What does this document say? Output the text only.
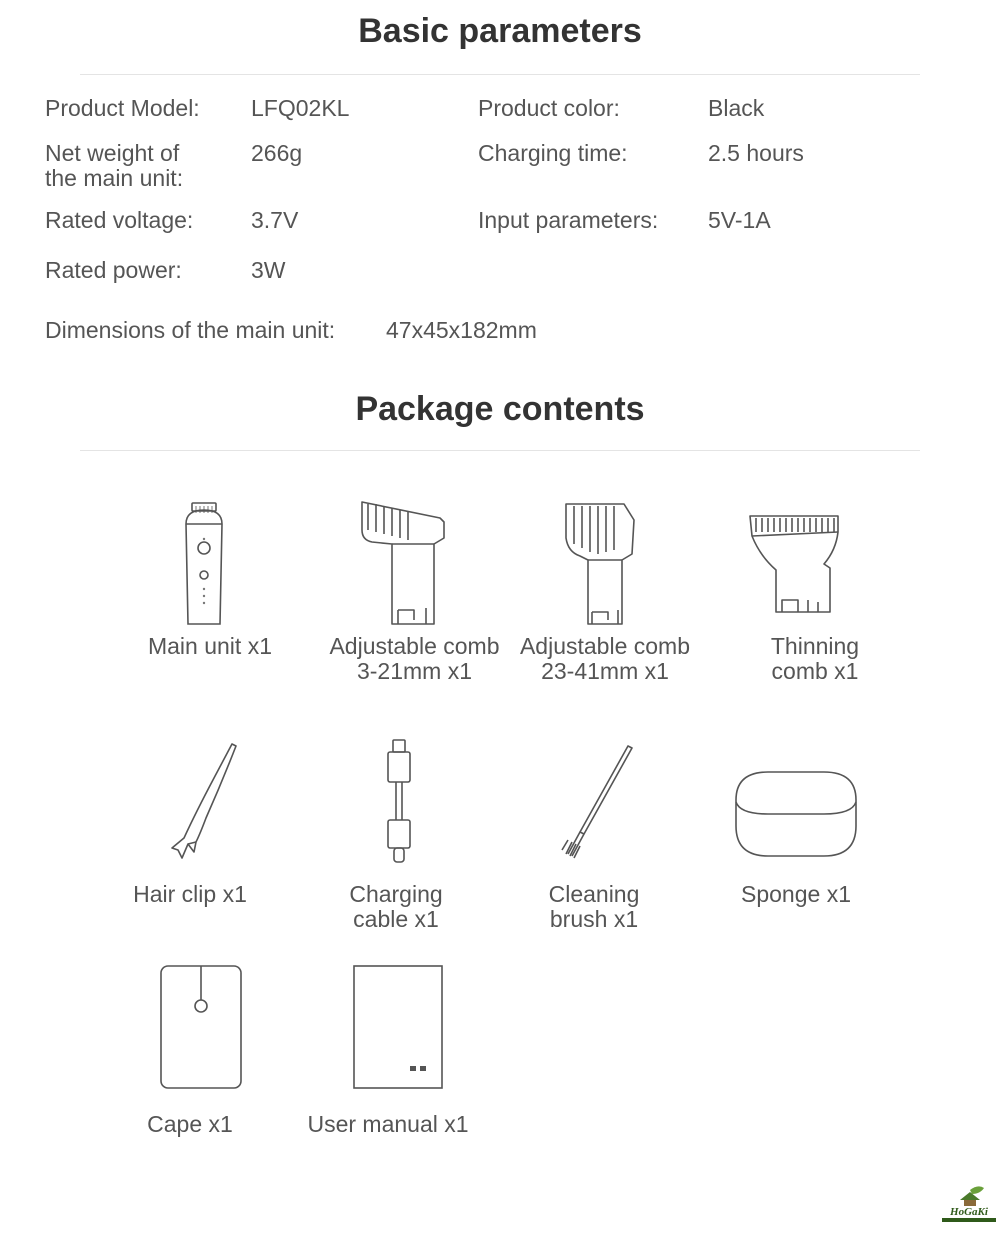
Basic parameters
Product Model: LFQ02KL	Product color:	Black
Net weight of
the main unit:
266g	Charging time:	2.5 hours
Rated voltage:	3.7V	Input parameters: 5V-1A
Rated power:	3W
Dimensions of the main unit: 47x45x182mm
Package contents
Main unit x1	Adjustable comb
3-21mm x1
Adjustable comb
23-41mm x1
Thinning
comb x1
Hair clip x1	Charging
cable x1
Cleaning
brush x1
Sponge x1
Cape x1	User manual x1
HoGaKi
